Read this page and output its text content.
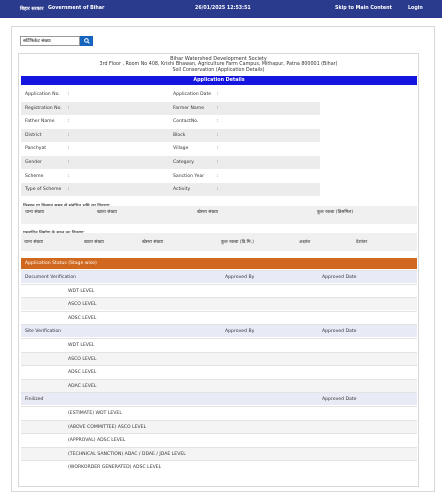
बिहार सरकार Government of Bihar	26/01/2025 12:53:51	Skip to Main Content	Login
सर्टिफिकेट संख्या
Bihar Watershed Development Society
3rd Floor , Room No 408, Krishi Bhawan, Agriculture Farm Campus, Mithapur, Patna 800001 (Bihar)
Soil Conservation (Application Details)
Application Details
Application No. :	Application Date :
Registration No. :	Farmer Name	:
Father Name	:	ContactNo.	:
District	:	Block	:
Panchyat	:	Village	:
Gender	:	Category	:
Scheme	:	Sanction Year	:
Type of Scheme :	Activity	:
थाना संख्या	खाता संख्या	खेसरा संख्या	कुल रकबा (डिसमिल)
थाना संख्या	खाता संख्या	खेसरा संख्या	कुल रकबा (डि.मि.)	अक्षांश	देशांतर
Application Status (Stage wise)
Document Verification	Approved By	Approved Date
WDT LEVEL
ASCO LEVEL
ADSC LEVEL
Site Verification	Approved By	Approved Date
WDT LEVEL
ASCO LEVEL
ADSC LEVEL
ADAC LEVEL
Finilized	Approved Date
(ESTIMATE) WDT LEVEL
(ABOVE COMMITTEE) ASCO LEVEL
(APPROVAL) ADSC LEVEL
(TECHNICAL SANCTION) ADAC / DDAE / JDAE LEVEL
(WORKORDER GENERATED) ADSC LEVEL
